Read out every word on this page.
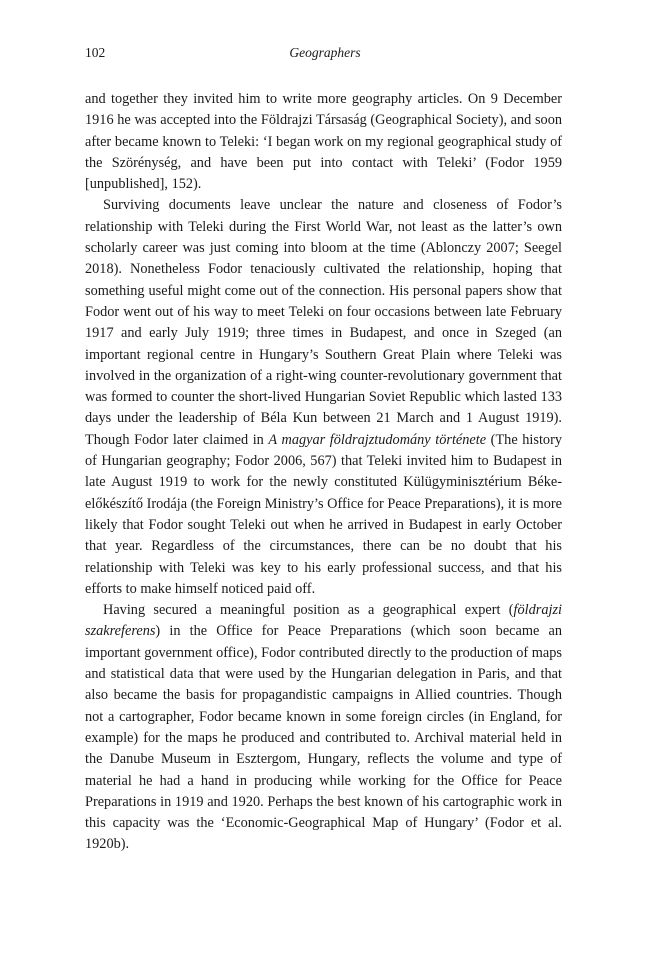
102	Geographers

and together they invited him to write more geography articles. On 9 December 1916 he was accepted into the Földrajzi Társaság (Geographical Society), and soon after became known to Teleki: ‘I began work on my regional geographical study of the Szörénység, and have been put into contact with Teleki’ (Fodor 1959 [unpublished], 152).

Surviving documents leave unclear the nature and closeness of Fodor’s relationship with Teleki during the First World War, not least as the latter’s own scholarly career was just coming into bloom at the time (Ablonczy 2007; Seegel 2018). Nonetheless Fodor tenaciously cultivated the relationship, hoping that something useful might come out of the connection. His personal papers show that Fodor went out of his way to meet Teleki on four occasions between late February 1917 and early July 1919; three times in Budapest, and once in Szeged (an important regional centre in Hungary’s Southern Great Plain where Teleki was involved in the organization of a right-wing counter-revolutionary government that was formed to counter the short-lived Hungarian Soviet Republic which lasted 133 days under the leadership of Béla Kun between 21 March and 1 August 1919). Though Fodor later claimed in A magyar földrajztudomány története (The history of Hungarian geography; Fodor 2006, 567) that Teleki invited him to Budapest in late August 1919 to work for the newly constituted Külügyminisztérium Béke-előkészítő Irodája (the Foreign Ministry’s Office for Peace Preparations), it is more likely that Fodor sought Teleki out when he arrived in Budapest in early October that year. Regardless of the circumstances, there can be no doubt that his relationship with Teleki was key to his early professional success, and that his efforts to make himself noticed paid off.

Having secured a meaningful position as a geographical expert (földrajzi szakreferens) in the Office for Peace Preparations (which soon became an important government office), Fodor contributed directly to the production of maps and statistical data that were used by the Hungarian delegation in Paris, and that also became the basis for propagandistic campaigns in Allied countries. Though not a cartographer, Fodor became known in some foreign circles (in England, for example) for the maps he produced and contributed to. Archival material held in the Danube Museum in Esztergom, Hungary, reflects the volume and type of material he had a hand in producing while working for the Office for Peace Preparations in 1919 and 1920. Perhaps the best known of his cartographic work in this capacity was the ‘Economic-Geographical Map of Hungary’ (Fodor et al. 1920b).
